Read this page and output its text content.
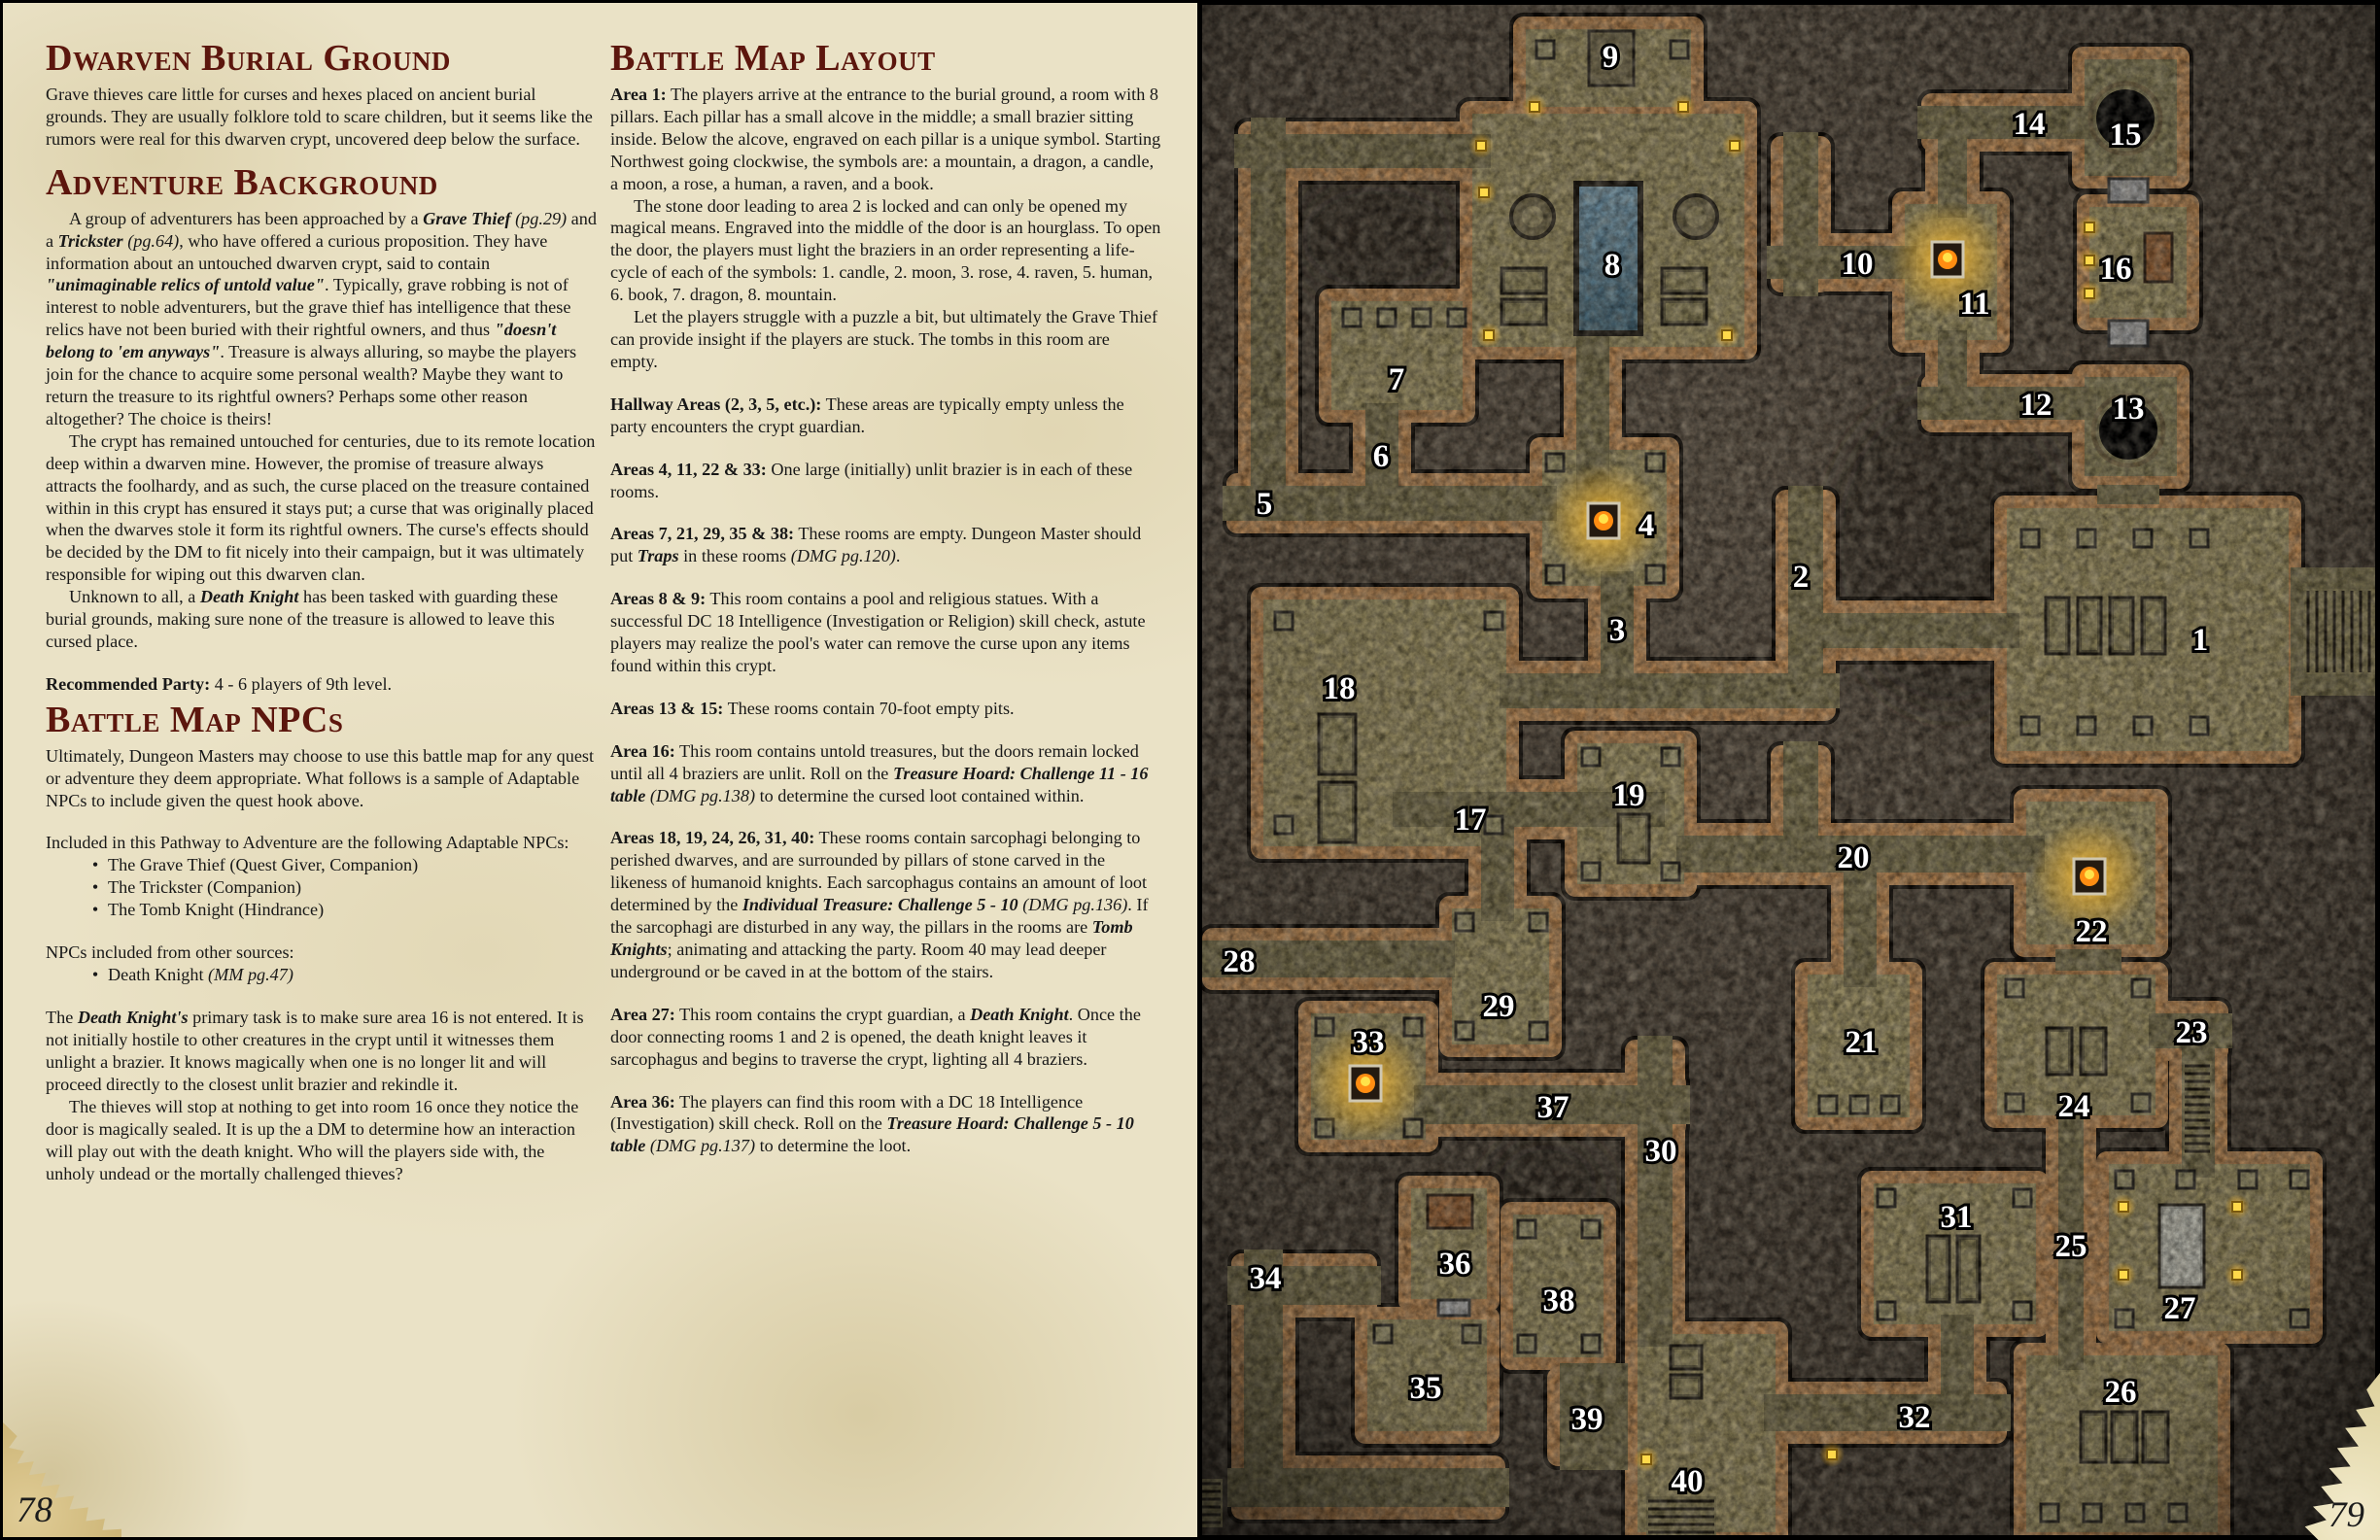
Dwarven Burial Ground

Grave thieves care little for curses and hexes placed on ancient burial grounds. They are usually folklore told to scare children, but it seems like the rumors were real for this dwarven crypt, uncovered deep below the surface.

Adventure Background

A group of adventurers has been approached by a Grave Thief (pg.29) and a Trickster (pg.64), who have offered a curious proposition. They have information about an untouched dwarven crypt, said to contain "unimaginable relics of untold value". Typically, grave robbing is not of interest to noble adventurers, but the grave thief has intelligence that these relics have not been buried with their rightful owners, and thus "doesn't belong to 'em anyways". Treasure is always alluring, so maybe the players join for the chance to acquire some personal wealth? Maybe they want to return the treasure to its rightful owners? Perhaps some other reason altogether? The choice is theirs!

The crypt has remained untouched for centuries, due to its remote location deep within a dwarven mine. However, the promise of treasure always attracts the foolhardy, and as such, the curse placed on the treasure contained within in this crypt has ensured it stays put; a curse that was originally placed when the dwarves stole it form its rightful owners. The curse's effects should be decided by the DM to fit nicely into their campaign, but it was ultimately responsible for wiping out this dwarven clan.

Unknown to all, a Death Knight has been tasked with guarding these burial grounds, making sure none of the treasure is allowed to leave this cursed place.

Recommended Party: 4 - 6 players of 9th level.

Battle Map NPCs

Ultimately, Dungeon Masters may choose to use this battle map for any quest or adventure they deem appropriate. What follows is a sample of Adaptable NPCs to include given the quest hook above.

Included in this Pathway to Adventure are the following Adaptable NPCs:

• The Grave Thief (Quest Giver, Companion)
• The Trickster (Companion)
• The Tomb Knight (Hindrance)

NPCs included from other sources:

• Death Knight (MM pg.47)

The Death Knight's primary task is to make sure area 16 is not entered. It is not initially hostile to other creatures in the crypt until it witnesses them unlight a brazier. It knows magically when one is no longer lit and will proceed directly to the closest unlit brazier and rekindle it.

The thieves will stop at nothing to get into room 16 once they notice the door is magically sealed. It is up the a DM to determine how an interaction will play out with the death knight. Who will the players side with, the unholy undead or the mortally challenged thieves?

Battle Map Layout

Area 1: The players arrive at the entrance to the burial ground, a room with 8 pillars. Each pillar has a small alcove in the middle; a small brazier sitting inside. Below the alcove, engraved on each pillar is a unique symbol. Starting Northwest going clockwise, the symbols are: a mountain, a dragon, a candle, a moon, a rose, a human, a raven, and a book.

The stone door leading to area 2 is locked and can only be opened my magical means. Engraved into the middle of the door is an hourglass. To open the door, the players must light the braziers in an order representing a life-cycle of each of the symbols: 1. candle, 2. moon, 3. rose, 4. raven, 5. human, 6. book, 7. dragon, 8. mountain.

Let the players struggle with a puzzle a bit, but ultimately the Grave Thief can provide insight if the players are stuck. The tombs in this room are empty.

Hallway Areas (2, 3, 5, etc.): These areas are typically empty unless the party encounters the crypt guardian.

Areas 4, 11, 22 & 33: One large (initially) unlit brazier is in each of these rooms.

Areas 7, 21, 29, 35 & 38: These rooms are empty. Dungeon Master should put Traps in these rooms (DMG pg.120).

Areas 8 & 9: This room contains a pool and religious statues. With a successful DC 18 Intelligence (Investigation or Religion) skill check, astute players may realize the pool's water can remove the curse upon any items found within this crypt.

Areas 13 & 15: These rooms contain 70-foot empty pits.

Area 16: This room contains untold treasures, but the doors remain locked until all 4 braziers are unlit. Roll on the Treasure Hoard: Challenge 11 - 16 table (DMG pg.138) to determine the cursed loot contained within.

Areas 18, 19, 24, 26, 31, 40: These rooms contain sarcophagi belonging to perished dwarves, and are surrounded by pillars of stone carved in the likeness of humanoid knights. Each sarcophagus contains an amount of loot determined by the Individual Treasure: Challenge 5 - 10 (DMG pg.136). If the sarcophagi are disturbed in any way, the pillars in the rooms are Tomb Knights; animating and attacking the party. Room 40 may lead deeper underground or be caved in at the bottom of the stairs.

Area 27: This room contains the crypt guardian, a Death Knight. Once the door connecting rooms 1 and 2 is opened, the death knight leaves it sarcophagus and begins to traverse the crypt, lighting all 4 braziers.

Area 36: The players can find this room with a DC 18 Intelligence (Investigation) skill check. Roll on the Treasure Hoard: Challenge 5 - 10 table (DMG pg.137) to determine the loot.

78
5
6
3
2
10
14
12
17
20
28
37
30
23
25
32
34
39
9
8
7
4
11
15
16
13
1
18
19
29
33
22
21
24
27
31
26
36
35
38
40
79
